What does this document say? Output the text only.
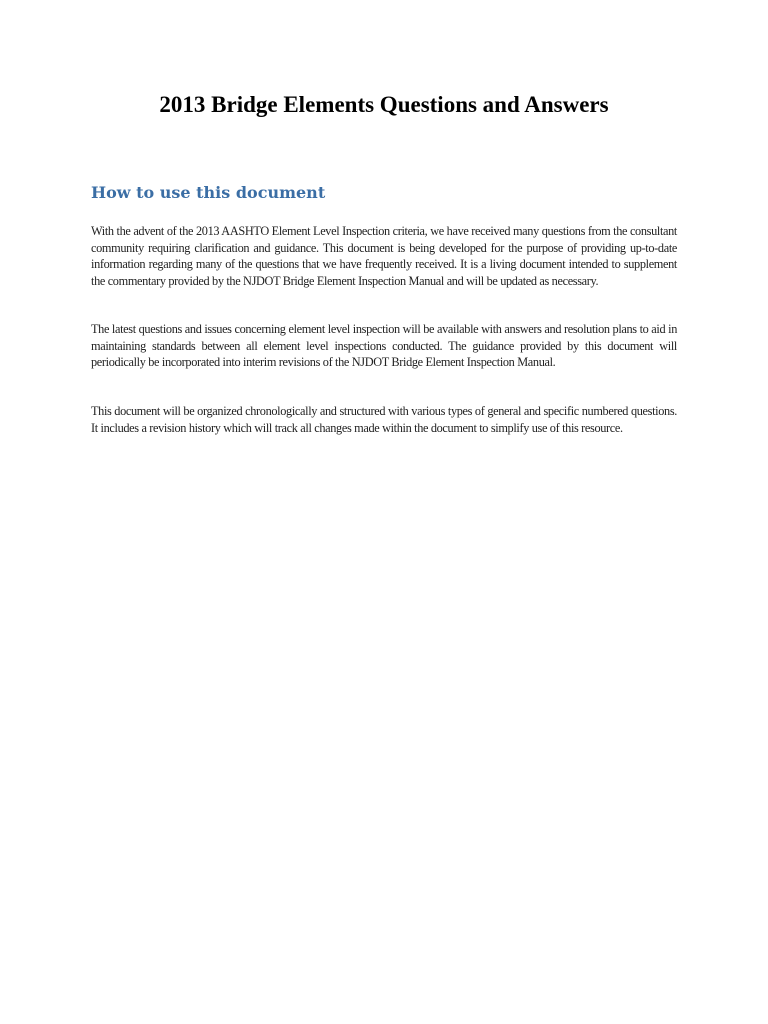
2013 Bridge Elements Questions and Answers
How to use this document

With the advent of the 2013 AASHTO Element Level Inspection criteria, we have received many questions from the consultant community requiring clarification and guidance. This document is being developed for the purpose of providing up-to-date information regarding many of the questions that we have frequently received. It is a living document intended to supplement the commentary provided by the NJDOT Bridge Element Inspection Manual and will be updated as necessary.

The latest questions and issues concerning element level inspection will be available with answers and resolution plans to aid in maintaining standards between all element level inspections conducted. The guidance provided by this document will periodically be incorporated into interim revisions of the NJDOT Bridge Element Inspection Manual.

This document will be organized chronologically and structured with various types of general and specific numbered questions. It includes a revision history which will track all changes made within the document to simplify use of this resource.
